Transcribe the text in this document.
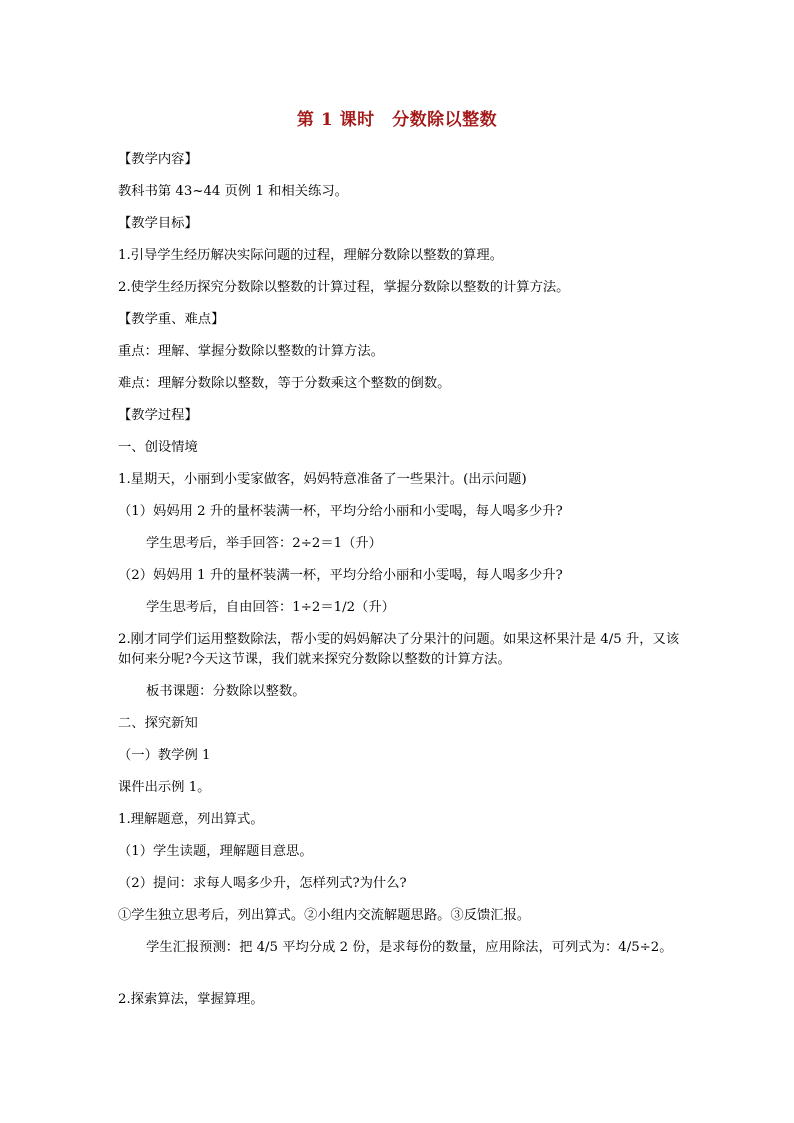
第 1 课时　分数除以整数

【教学内容】

教科书第 43~44 页例 1 和相关练习。

【教学目标】

1.引导学生经历解决实际问题的过程，理解分数除以整数的算理。

2.使学生经历探究分数除以整数的计算过程，掌握分数除以整数的计算方法。

【教学重、难点】

重点：理解、掌握分数除以整数的计算方法。

难点：理解分数除以整数，等于分数乘这个整数的倒数。

【教学过程】

一、创设情境

1.星期天，小丽到小雯家做客，妈妈特意准备了一些果汁。(出示问题)

（1）妈妈用 2 升的量杯装满一杯，平均分给小丽和小雯喝，每人喝多少升?

学生思考后，举手回答：2÷2＝1（升）

（2）妈妈用 1 升的量杯装满一杯，平均分给小丽和小雯喝，每人喝多少升?

学生思考后，自由回答：1÷2＝1/2（升）

2.刚才同学们运用整数除法，帮小雯的妈妈解决了分果汁的问题。如果这杯果汁是 4/5 升，又该如何来分呢?今天这节课，我们就来探究分数除以整数的计算方法。

板书课题：分数除以整数。

二、探究新知

（一）教学例 1

课件出示例 1。

1.理解题意，列出算式。

（1）学生读题，理解题目意思。

（2）提问：求每人喝多少升，怎样列式?为什么?

①学生独立思考后，列出算式。②小组内交流解题思路。③反馈汇报。

学生汇报预测：把 4/5 平均分成 2 份，是求每份的数量，应用除法，可列式为：4/5÷2。

2.探索算法，掌握算理。
